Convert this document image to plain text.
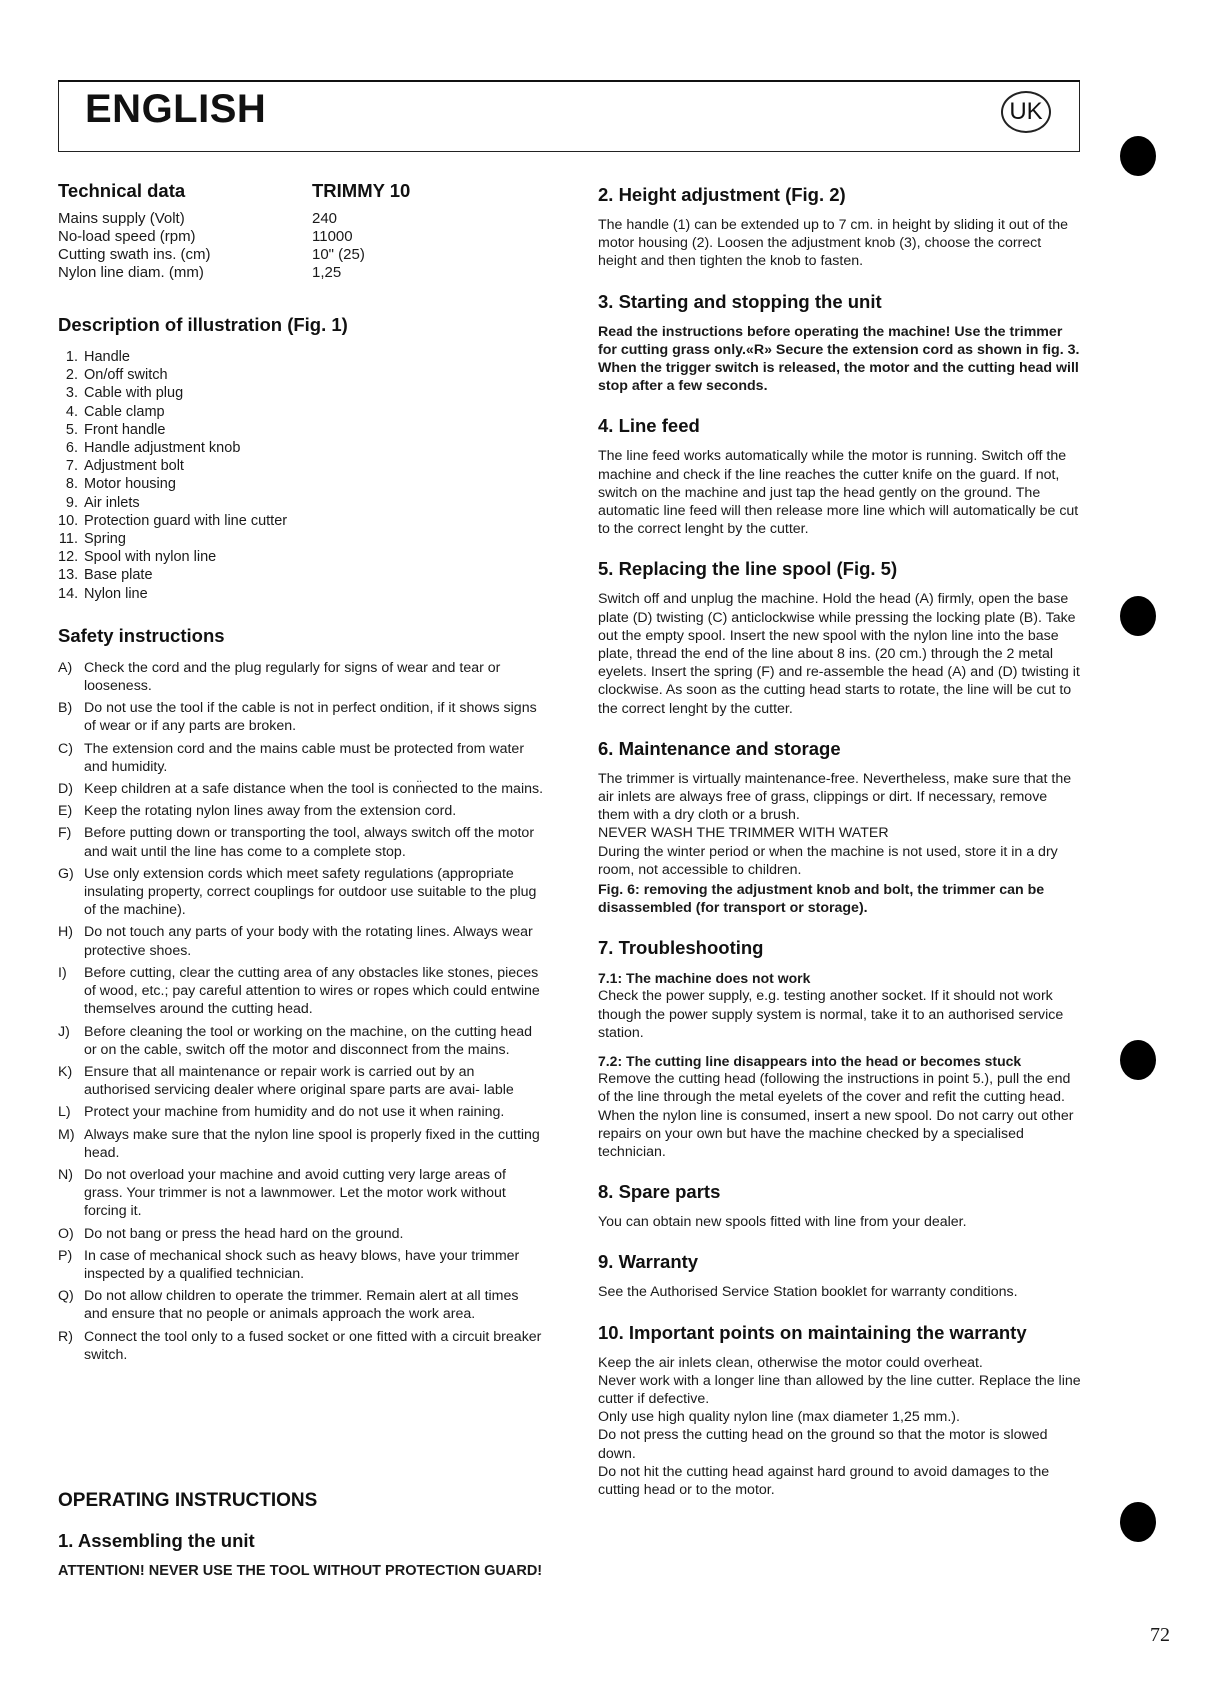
ENGLISH	UK
Technical data	TRIMMY 10
Mains supply (Volt)	240
No-load speed (rpm)	11000
Cutting swath ins. (cm)	10" (25)
Nylon line diam. (mm)	1,25
Description of illustration (Fig. 1)
1. Handle
2. On/off switch
3. Cable with plug
4. Cable clamp
5. Front handle
6. Handle adjustment knob
7. Adjustment bolt
8. Motor housing
9. Air inlets
10. Protection guard with line cutter
11. Spring
12. Spool with nylon line
13. Base plate
14. Nylon line
Safety instructions
A) Check the cord and the plug regularly for signs of wear and tear or looseness.
B) Do not use the tool if the cable is not in perfect ondition, if it shows signs of wear or if any parts are broken.
C) The extension cord and the mains cable must be protected from water and humidity.
D) Keep children at a safe distance when the tool is conn̈ected to the mains.
E) Keep the rotating nylon lines away from the extension cord.
F) Before putting down or transporting the tool, always switch off the motor and wait until the line has come to a complete stop.
G) Use only extension cords which meet safety regulations (appropriate insulating property, correct couplings for outdoor use suitable to the plug of the machine).
H) Do not touch any parts of your body with the rotating lines. Always wear protective shoes.
I) Before cutting, clear the cutting area of any obstacles like stones, pieces of wood, etc.; pay careful attention to wires or ropes which could entwine themselves around the cutting head.
J) Before cleaning the tool or working on the machine, on the cutting head or on the cable, switch off the motor and disconnect from the mains.
K) Ensure that all maintenance or repair work is carried out by an authorised servicing dealer where original spare parts are avai- lable
L) Protect your machine from humidity and do not use it when raining.
M) Always make sure that the nylon line spool is properly fixed in the cutting head.
N) Do not overload your machine and avoid cutting very large areas of grass. Your trimmer is not a lawnmower. Let the motor work without forcing it.
O) Do not bang or press the head hard on the ground.
P) In case of mechanical shock such as heavy blows, have your trimmer inspected by a qualified technician.
Q) Do not allow children to operate the trimmer. Remain alert at all times and ensure that no people or animals approach the work area.
R) Connect the tool only to a fused socket or one fitted with a circuit breaker switch.
OPERATING INSTRUCTIONS
1. Assembling the unit
ATTENTION! NEVER USE THE TOOL WITHOUT PROTECTION GUARD!
2. Height adjustment (Fig. 2)

The handle (1) can be extended up to 7 cm. in height by sliding it out of the motor housing (2). Loosen the adjustment knob (3), choose the correct height and then tighten the knob to fasten.

3. Starting and stopping the unit

Read the instructions before operating the machine! Use the trimmer for cutting grass only.«R» Secure the extension cord as shown in fig. 3. When the trigger switch is released, the motor and the cutting head will stop after a few seconds.

4. Line feed

The line feed works automatically while the motor is running. Switch off the machine and check if the line reaches the cutter knife on the guard. If not, switch on the machine and just tap the head gently on the ground. The automatic line feed will then release more line which will automatically be cut to the correct lenght by the cutter.

5. Replacing the line spool (Fig. 5)

Switch off and unplug the machine. Hold the head (A) firmly, open the base plate (D) twisting (C) anticlockwise while pressing the locking plate (B). Take out the empty spool. Insert the new spool with the nylon line into the base plate, thread the end of the line about 8 ins. (20 cm.) through the 2 metal eyelets. Insert the spring (F) and re-assemble the head (A) and (D) twisting it clockwise. As soon as the cutting head starts to rotate, the line will be cut to the correct lenght by the cutter.

6. Maintenance and storage

The trimmer is virtually maintenance-free. Nevertheless, make sure that the air inlets are always free of grass, clippings or dirt. If necessary, remove them with a dry cloth or a brush.

NEVER WASH THE TRIMMER WITH WATER

During the winter period or when the machine is not used, store it in a dry room, not accessible to children.

Fig. 6: removing the adjustment knob and bolt, the trimmer can be disassembled (for transport or storage).

7. Troubleshooting
7.1: The machine does not work

Check the power supply, e.g. testing another socket. If it should not work though the power supply system is normal, take it to an authorised service station.

7.2: The cutting line disappears into the head or becomes stuck

Remove the cutting head (following the instructions in point 5.), pull the end of the line through the metal eyelets of the cover and refit the cutting head. When the nylon line is consumed, insert a new spool. Do not carry out other repairs on your own but have the machine checked by a specialised technician.

8. Spare parts

You can obtain new spools fitted with line from your dealer.

9. Warranty

See the Authorised Service Station booklet for warranty conditions.

10. Important points on maintaining the warranty

Keep the air inlets clean, otherwise the motor could overheat.

Never work with a longer line than allowed by the line cutter. Replace the line cutter if defective.

Only use high quality nylon line (max diameter 1,25 mm.).

Do not press the cutting head on the ground so that the motor is slowed down.

Do not hit the cutting head against hard ground to avoid damages to the cutting head or to the motor.

72
